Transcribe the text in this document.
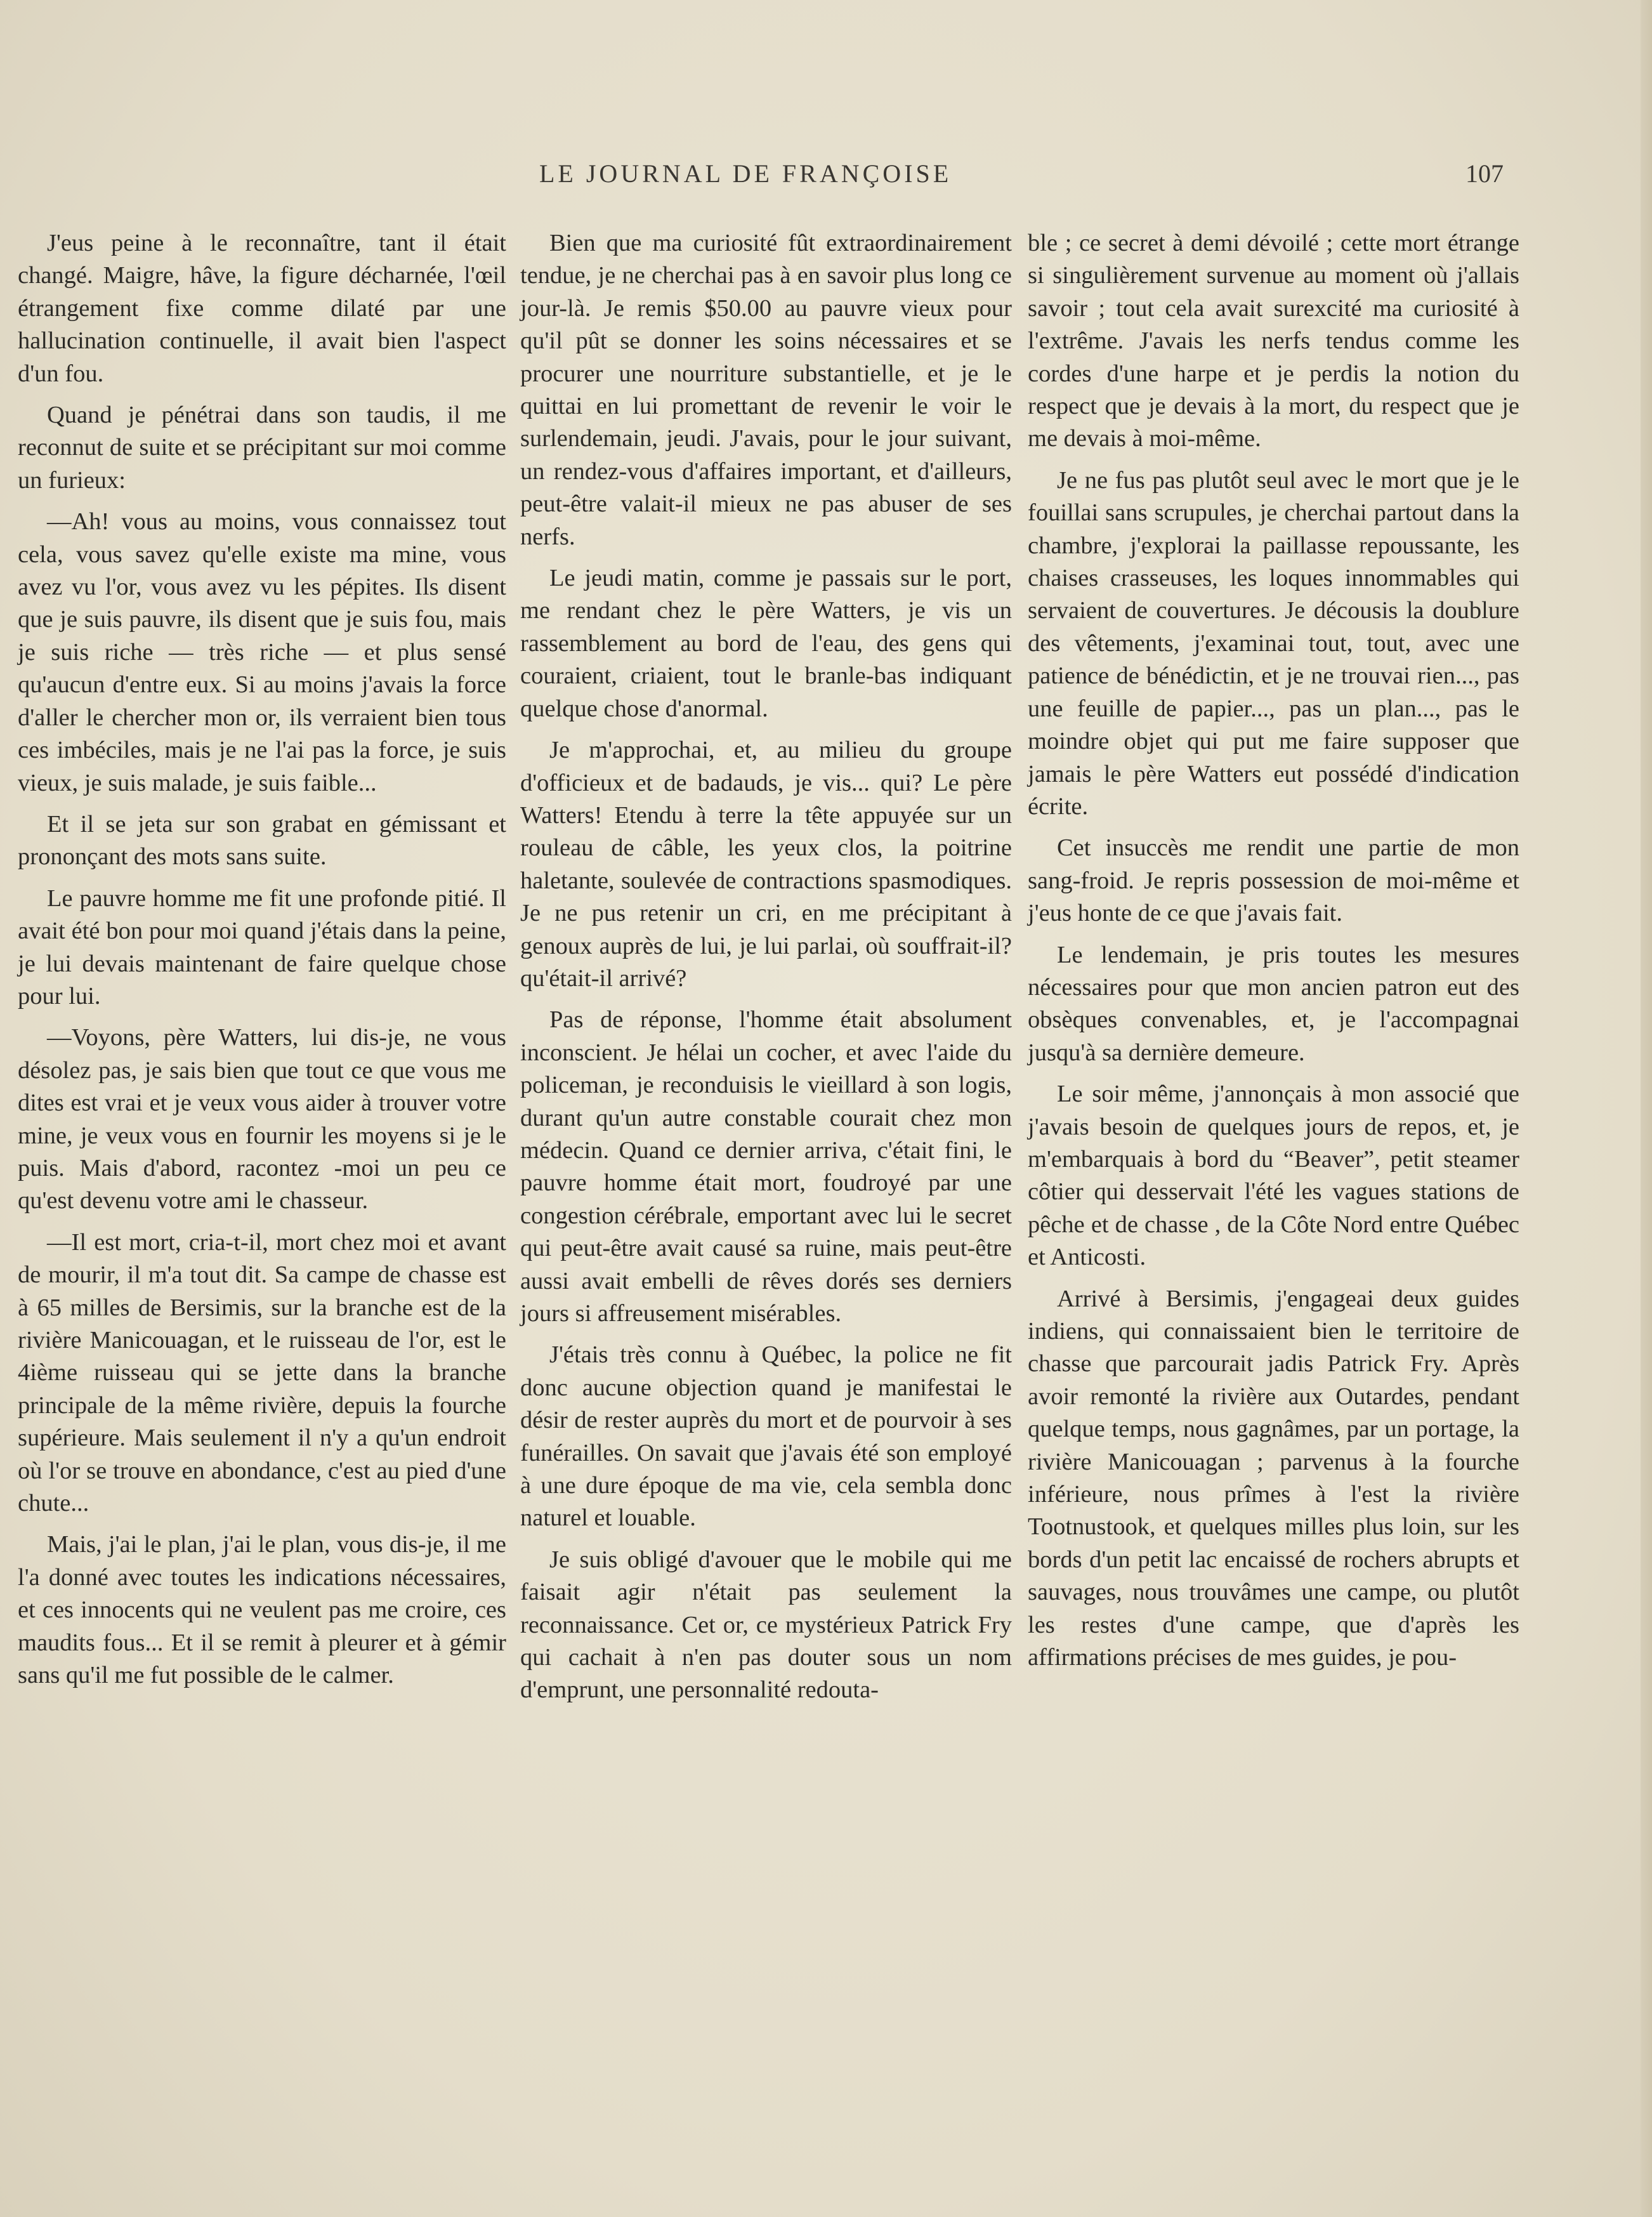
LE JOURNAL DE FRANÇOISE	107

J'eus peine à le reconnaître, tant il était changé. Maigre, hâve, la figure décharnée, l'œil étrangement fixe comme dilaté par une hallucination continuelle, il avait bien l'aspect d'un fou.

Quand je pénétrai dans son taudis, il me reconnut de suite et se précipitant sur moi comme un furieux:

—Ah! vous au moins, vous connaissez tout cela, vous savez qu'elle existe ma mine, vous avez vu l'or, vous avez vu les pépites. Ils disent que je suis pauvre, ils disent que je suis fou, mais je suis riche — très riche — et plus sensé qu'aucun d'entre eux. Si au moins j'avais la force d'aller le chercher mon or, ils verraient bien tous ces imbéciles, mais je ne l'ai pas la force, je suis vieux, je suis malade, je suis faible...

Et il se jeta sur son grabat en gémissant et prononçant des mots sans suite.

Le pauvre homme me fit une profonde pitié. Il avait été bon pour moi quand j'étais dans la peine, je lui devais maintenant de faire quelque chose pour lui.

—Voyons, père Watters, lui dis-je, ne vous désolez pas, je sais bien que tout ce que vous me dites est vrai et je veux vous aider à trouver votre mine, je veux vous en fournir les moyens si je le puis. Mais d'abord, racontez -moi un peu ce qu'est devenu votre ami le chasseur.

—Il est mort, cria-t-il, mort chez moi et avant de mourir, il m'a tout dit. Sa campe de chasse est à 65 milles de Bersimis, sur la branche est de la rivière Manicouagan, et le ruisseau de l'or, est le 4ième ruisseau qui se jette dans la branche principale de la même rivière, depuis la fourche supérieure. Mais seulement il n'y a qu'un endroit où l'or se trouve en abondance, c'est au pied d'une chute...

Mais, j'ai le plan, j'ai le plan, vous dis-je, il me l'a donné avec toutes les indications nécessaires, et ces innocents qui ne veulent pas me croire, ces maudits fous... Et il se remit à pleurer et à gémir sans qu'il me fut possible de le calmer.

Bien que ma curiosité fût extraordinairement tendue, je ne cherchai pas à en savoir plus long ce jour-là. Je remis $50.00 au pauvre vieux pour qu'il pût se donner les soins nécessaires et se procurer une nourriture substantielle, et je le quittai en lui promettant de revenir le voir le surlendemain, jeudi. J'avais, pour le jour suivant, un rendez-vous d'affaires important, et d'ailleurs, peut-être valait-il mieux ne pas abuser de ses nerfs.

Le jeudi matin, comme je passais sur le port, me rendant chez le père Watters, je vis un rassemblement au bord de l'eau, des gens qui couraient, criaient, tout le branle-bas indiquant quelque chose d'anormal.

Je m'approchai, et, au milieu du groupe d'officieux et de badauds, je vis... qui? Le père Watters! Etendu à terre la tête appuyée sur un rouleau de câble, les yeux clos, la poitrine haletante, soulevée de contractions spasmodiques. Je ne pus retenir un cri, en me précipitant à genoux auprès de lui, je lui parlai, où souffrait-il? qu'était-il arrivé?

Pas de réponse, l'homme était absolument inconscient. Je hélai un cocher, et avec l'aide du policeman, je reconduisis le vieillard à son logis, durant qu'un autre constable courait chez mon médecin. Quand ce dernier arriva, c'était fini, le pauvre homme était mort, foudroyé par une congestion cérébrale, emportant avec lui le secret qui peut-être avait causé sa ruine, mais peut-être aussi avait embelli de rêves dorés ses derniers jours si affreusement misérables.

J'étais très connu à Québec, la police ne fit donc aucune objection quand je manifestai le désir de rester auprès du mort et de pourvoir à ses funérailles. On savait que j'avais été son employé à une dure époque de ma vie, cela sembla donc naturel et louable.

Je suis obligé d'avouer que le mobile qui me faisait agir n'était pas seulement la reconnaissance. Cet or, ce mystérieux Patrick Fry qui cachait à n'en pas douter sous un nom d'emprunt, une personnalité redouta-

ble ; ce secret à demi dévoilé ; cette mort étrange si singulièrement survenue au moment où j'allais savoir ; tout cela avait surexcité ma curiosité à l'extrême. J'avais les nerfs tendus comme les cordes d'une harpe et je perdis la notion du respect que je devais à la mort, du respect que je me devais à moi-même.

Je ne fus pas plutôt seul avec le mort que je le fouillai sans scrupules, je cherchai partout dans la chambre, j'explorai la paillasse repoussante, les chaises crasseuses, les loques innommables qui servaient de couvertures. Je décousis la doublure des vêtements, j'examinai tout, tout, avec une patience de bénédictin, et je ne trouvai rien..., pas une feuille de papier..., pas un plan..., pas le moindre objet qui put me faire supposer que jamais le père Watters eut possédé d'indication écrite.

Cet insuccès me rendit une partie de mon sang-froid. Je repris possession de moi-même et j'eus honte de ce que j'avais fait.

Le lendemain, je pris toutes les mesures nécessaires pour que mon ancien patron eut des obsèques convenables, et, je l'accompagnai jusqu'à sa dernière demeure.

Le soir même, j'annonçais à mon associé que j'avais besoin de quelques jours de repos, et, je m'embarquais à bord du “Beaver”, petit steamer côtier qui desservait l'été les vagues stations de pêche et de chasse , de la Côte Nord entre Québec et Anticosti.

Arrivé à Bersimis, j'engageai deux guides indiens, qui connaissaient bien le territoire de chasse que parcourait jadis Patrick Fry. Après avoir remonté la rivière aux Outardes, pendant quelque temps, nous gagnâmes, par un portage, la rivière Manicouagan ; parvenus à la fourche inférieure, nous prîmes à l'est la rivière Tootnustook, et quelques milles plus loin, sur les bords d'un petit lac encaissé de rochers abrupts et sauvages, nous trouvâmes une campe, ou plutôt les restes d'une campe, que d'après les affirmations précises de mes guides, je pou-
